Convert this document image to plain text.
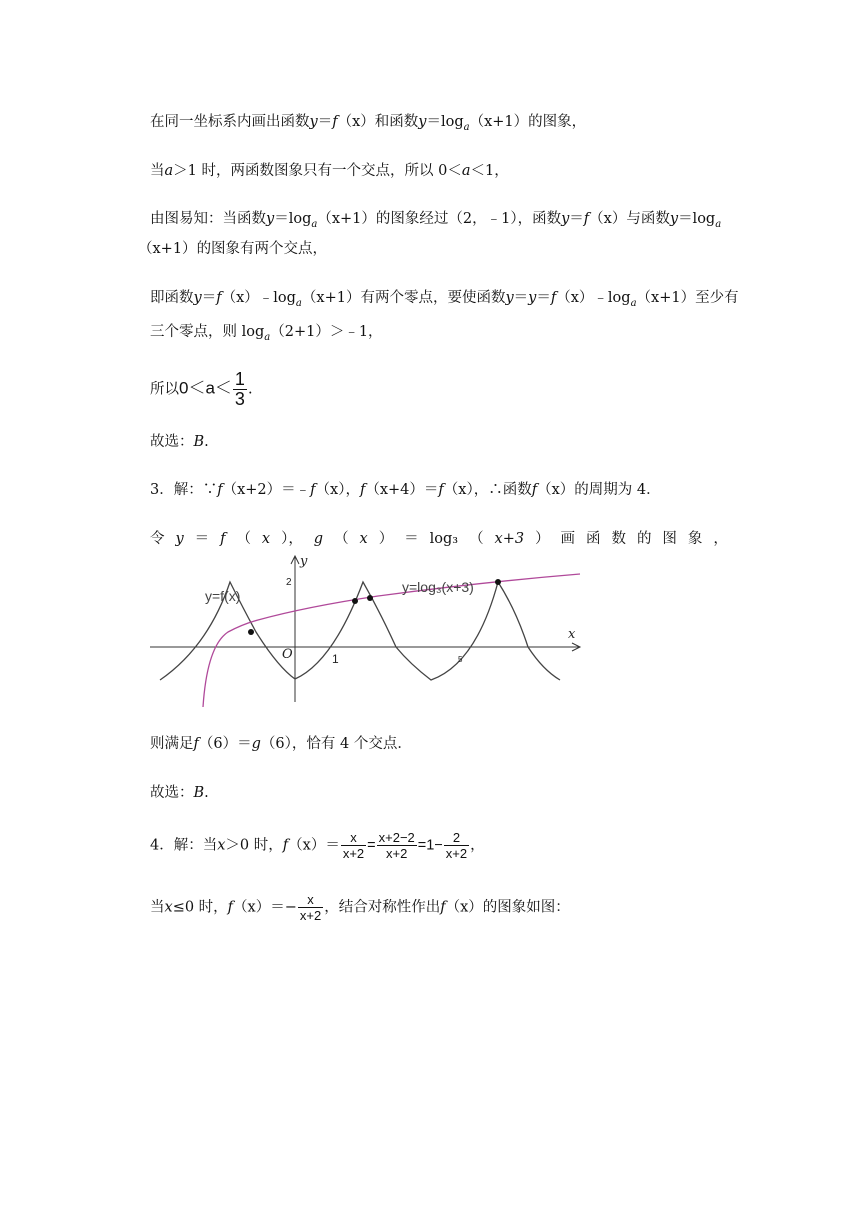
在同一坐标系内画出函数y＝f（x）和函数$y=\log_a(x+1)$的图象，
当a＞1 时，两函数图象只有一个交点，所以 0＜a＜1，
由图易知：当函数$y=\log_a(x+1)$的图象经过（2，﹣1），函数y＝f（x）与函数$y=\log_a$
（x+1）的图象有两个交点，
即函数$y=f(x)﹣\log_a(x+1)$有两个零点，要使函数$y=y=f(x)﹣\log_a(x+1)$至少有
三个零点，则 $\log_a(2+1)>﹣1$，
所以$0<a< \frac{1}{3}$ .
故选：B.
3．解：∵f（x+2）＝﹣f（x），f（x+4）＝f（x），∴函数f（x）的周期为 4．
令 y ＝ f （ x ）， g （ x ） ＝ log₃ （ x+3 ） 画 函 数 的 图 象 ，
y
x
O
2
1	5
y=f(x)
y=log₃(x+3)
则满足f（6）＝g（6），恰有 4 个交点．
故选：B.
4．解：当x＞0 时，$f(x)= \frac{x}{x+2} = \frac{x+2-2}{x+2} =1- \frac{2}{x+2}$ ，
当x≤0 时，$f(x)=- \frac{x}{x+2}$ ，结合对称性作出f（x）的图象如图：
